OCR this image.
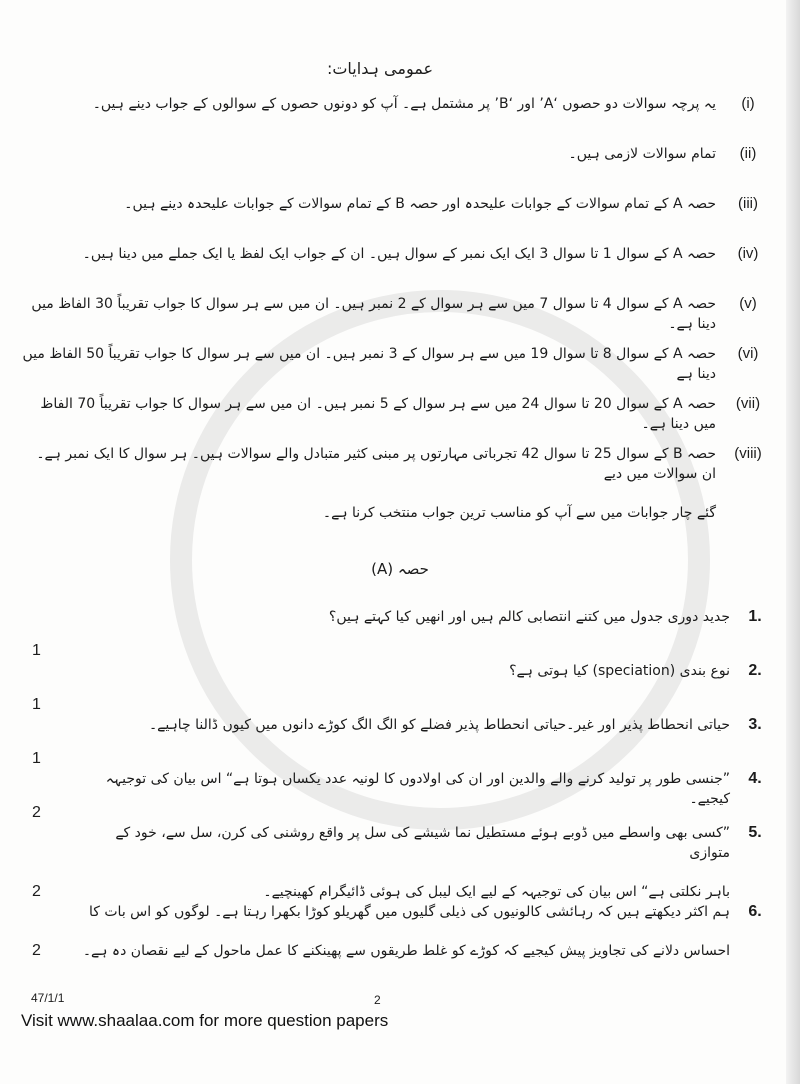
عمومی ہدایات:
(i)
یہ پرچہ سوالات دو حصوں ‘A’ اور ‘B’ پر مشتمل ہے۔ آپ کو دونوں حصوں کے سوالوں کے جواب دینے ہیں۔
(ii)
تمام سوالات لازمی ہیں۔
(iii)
حصہ A کے تمام سوالات کے جوابات علیحدہ اور حصہ B کے تمام سوالات کے جوابات علیحدہ دینے ہیں۔
(iv)
حصہ A کے سوال 1 تا سوال 3 ایک ایک نمبر کے سوال ہیں۔ ان کے جواب ایک لفظ یا ایک جملے میں دینا ہیں۔
(v)
حصہ A کے سوال 4 تا سوال 7 میں سے ہر سوال کے 2 نمبر ہیں۔ ان میں سے ہر سوال کا جواب تقریباً 30 الفاظ میں دینا ہے۔
(vi)
حصہ A کے سوال 8 تا سوال 19 میں سے ہر سوال کے 3 نمبر ہیں۔ ان میں سے ہر سوال کا جواب تقریباً 50 الفاظ میں دینا ہے
(vii)
حصہ A کے سوال 20 تا سوال 24 میں سے ہر سوال کے 5 نمبر ہیں۔ ان میں سے ہر سوال کا جواب تقریباً 70 الفاظ میں دینا ہے۔
(viii)
حصہ B کے سوال 25 تا سوال 42 تجرباتی مہارتوں پر مبنی کثیر متبادل والے سوالات ہیں۔ ہر سوال کا ایک نمبر ہے۔ ان سوالات میں دیے
گئے چار جوابات میں سے آپ کو مناسب ترین جواب منتخب کرنا ہے۔
حصہ (A)
1.
جدید دوری جدول میں کتنے انتصابی کالم ہیں اور انھیں کیا کہتے ہیں؟
1
2.
نوع بندی (speciation) کیا ہوتی ہے؟
1
3.
حیاتی انحطاط پذیر اور غیر۔حیاتی انحطاط پذیر فضلے کو الگ الگ کوڑے دانوں میں کیوں ڈالنا چاہیے۔
1
4.
”جنسی طور پر تولید کرنے والے والدین اور ان کی اولادوں کا لونیہ عدد یکساں ہوتا ہے“ اس بیان کی توجیہہ کیجیے۔
2
5.
”کسی بھی واسطے میں ڈوبے ہوئے مستطیل نما شیشے کی سل پر واقع روشنی کی کرن، سل سے، خود کے متوازی
باہر نکلتی ہے“ اس بیان کی توجیہہ کے لیے ایک لیبل کی ہوئی ڈائیگرام کھینچیے۔
2
6.
ہم اکثر دیکھتے ہیں کہ رہائشی کالونیوں کی ذیلی گلیوں میں گھریلو کوڑا بکھرا رہتا ہے۔ لوگوں کو اس بات کا
احساس دلانے کی تجاویز پیش کیجیے کہ کوڑے کو غلط طریقوں سے پھینکنے کا عمل ماحول کے لیے نقصان دہ ہے۔
2
47/1/1	2
Visit www.shaalaa.com for more question papers
